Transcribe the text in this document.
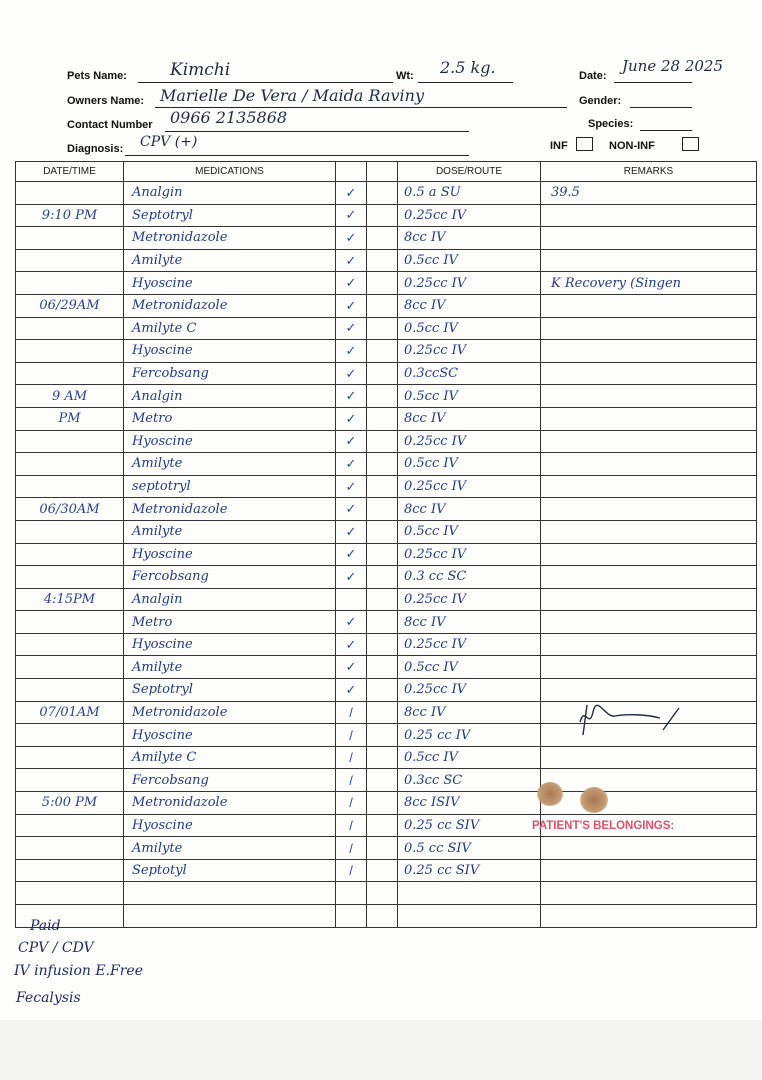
Pets Name:	Kimchi	Wt: 2.5 kg.	Date:
June 28 2025
Owners Name: Marielle De Vera / Maida Raviny	Gender:
Contact Number 0966 2135868	Species:
Diagnosis: CPV (+)	INF	NON-INF
DATE/TIME	MEDICATIONS			DOSE/ROUTE	REMARKS
	Analgin	✓		0.5 a SU	39.5
9:10 PM	Septotryl	✓		0.25cc IV	
	Metronidazole	✓		8cc IV	
	Amilyte	✓		0.5cc IV	
	Hyoscine	✓		0.25cc IV	K Recovery (Singen
06/29AM	Metronidazole	✓		8cc IV	
	Amilyte C	✓		0.5cc IV	
	Hyoscine	✓		0.25cc IV	
	Fercobsang	✓		0.3ccSC	
9 AM	Analgin	✓		0.5cc IV	
PM	Metro	✓		8cc IV	
	Hyoscine	✓		0.25cc IV	
	Amilyte	✓		0.5cc IV	
	septotryl	✓		0.25cc IV	
06/30AM	Metronidazole	✓		8cc IV	
	Amilyte	✓		0.5cc IV	
	Hyoscine	✓		0.25cc IV	
	Fercobsang	✓		0.3 cc SC	
4:15PM	Analgin			0.25cc IV	
	Metro	✓		8cc IV	
	Hyoscine	✓		0.25cc IV	
	Amilyte	✓		0.5cc IV	
	Septotryl	✓		0.25cc IV	
07/01AM	Metronidazole	/		8cc IV	
	Hyoscine	/		0.25 cc IV	
	Amilyte C	/		0.5cc IV	
	Fercobsang	/		0.3cc SC	
5:00 PM	Metronidazole	/		8cc ISIV	
	Hyoscine	/		0.25 cc SIV	
	Amilyte	/		0.5 cc SIV	
	Septotyl	/		0.25 cc SIV	

PATIENT'S BELONGINGS:
Paid
CPV / CDV
IV infusion E.Free
Fecalysis
